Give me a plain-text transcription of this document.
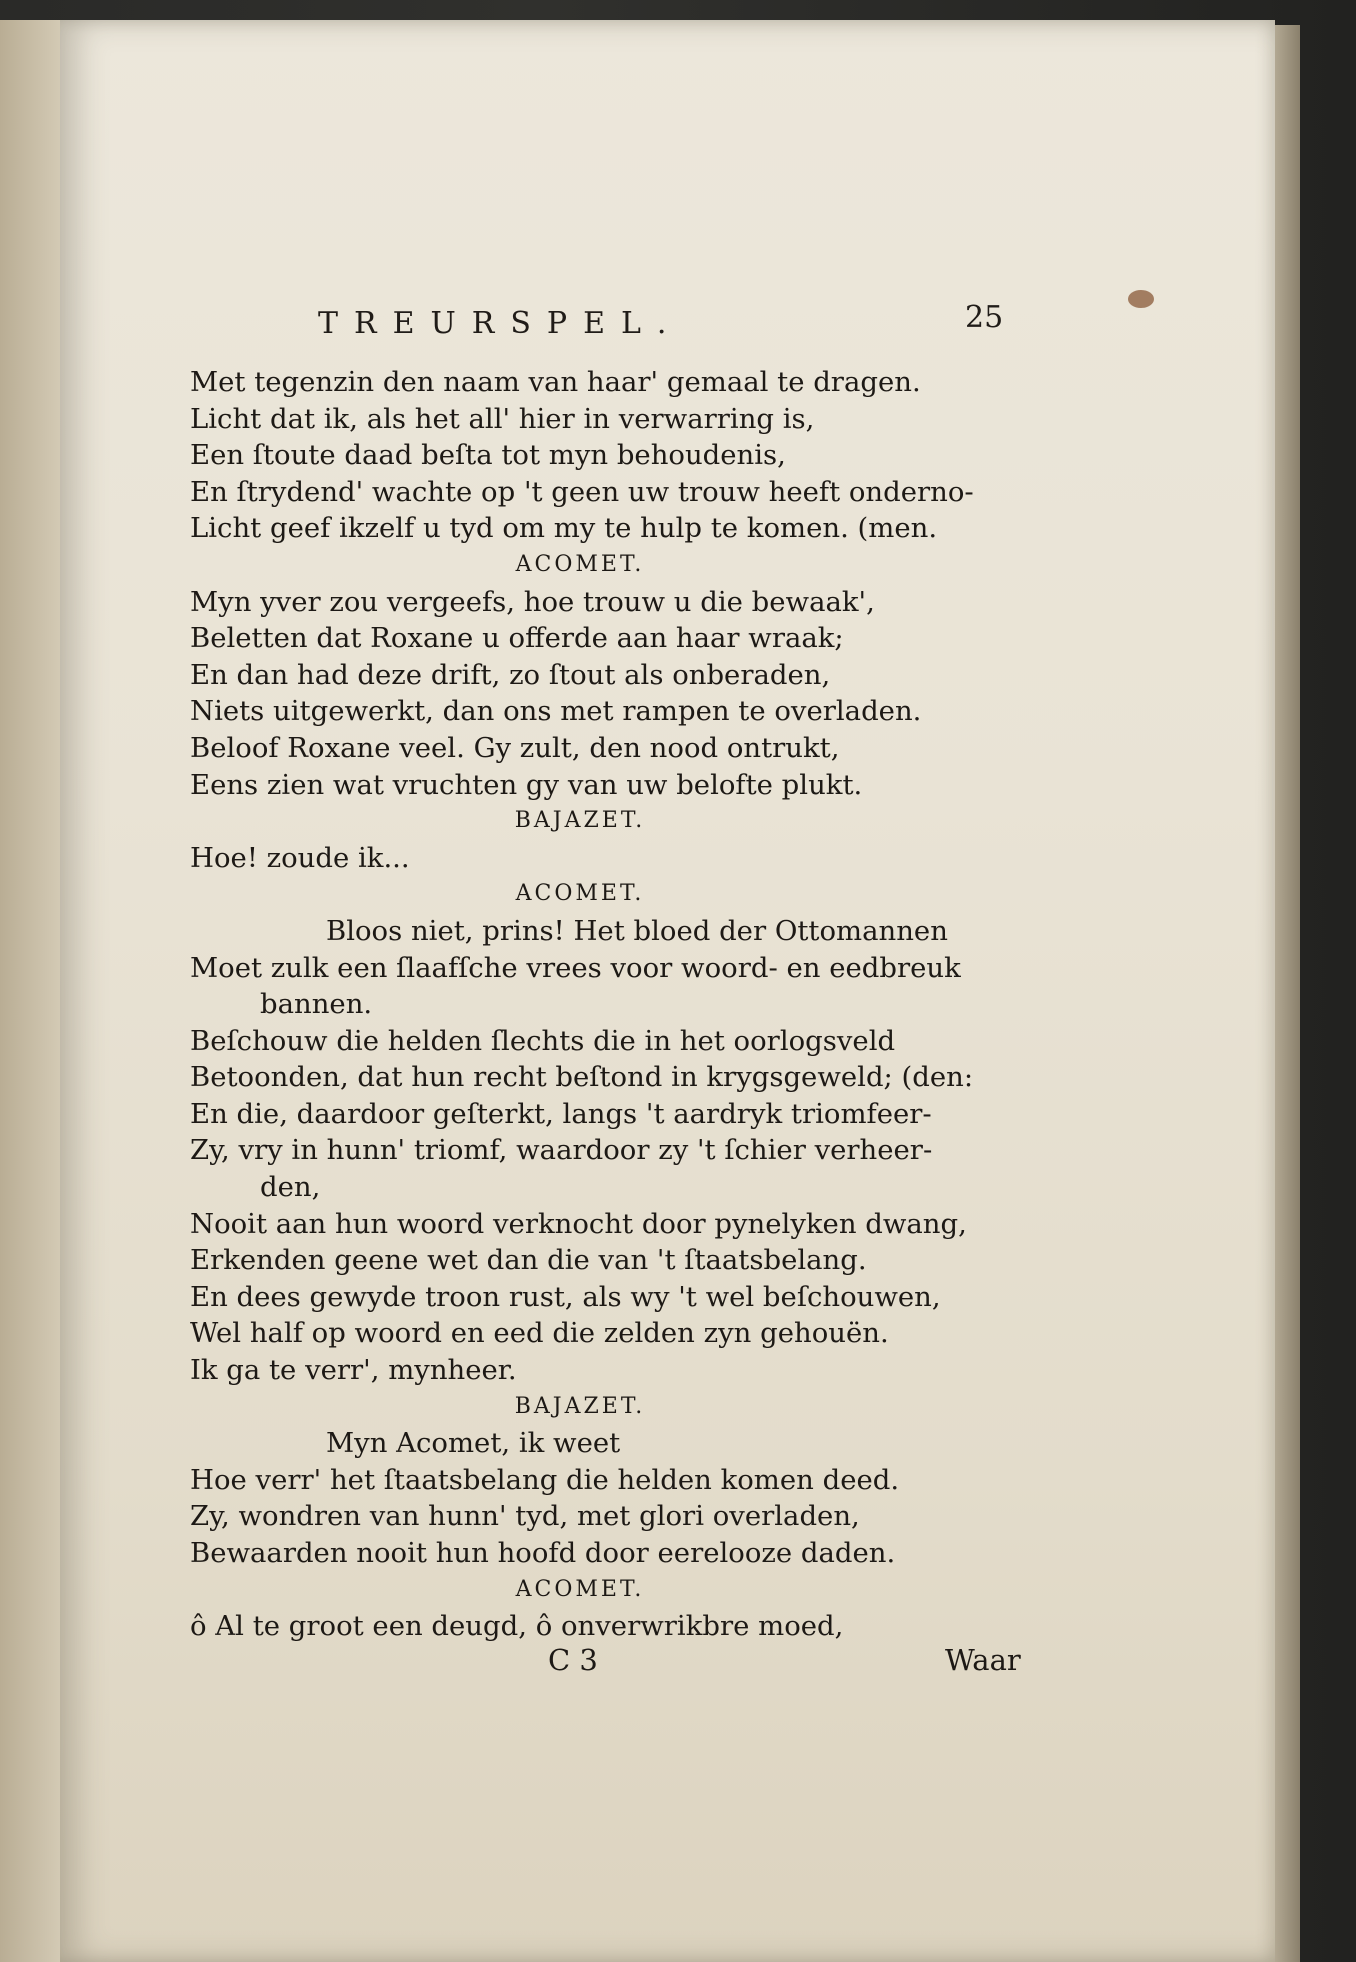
TREURSPEL.	25
Met tegenzin den naam van haar' gemaal te dragen.
Licht dat ik, als het all' hier in verwarring is,
Een ſtoute daad beſta tot myn behoudenis,
En ſtrydend' wachte op 't geen uw trouw heeft onderno-
Licht geef ikzelf u tyd om my te hulp te komen. (men.
ACOMET.
Myn yver zou vergeefs, hoe trouw u die bewaak',
Beletten dat Roxane u offerde aan haar wraak;
En dan had deze drift, zo ſtout als onberaden,
Niets uitgewerkt, dan ons met rampen te overladen.
Beloof Roxane veel. Gy zult, den nood ontrukt,
Eens zien wat vruchten gy van uw belofte plukt.
BAJAZET.
Hoe! zoude ik...
ACOMET.
Bloos niet, prins! Het bloed der Ottomannen
Moet zulk een ſlaafſche vrees voor woord- en eedbreuk
bannen.
Beſchouw die helden ſlechts die in het oorlogsveld
Betoonden, dat hun recht beſtond in krygsgeweld; (den:
En die, daardoor geſterkt, langs 't aardryk triomfeer-
Zy, vry in hunn' triomf, waardoor zy 't ſchier verheer-
den,
Nooit aan hun woord verknocht door pynelyken dwang,
Erkenden geene wet dan die van 't ſtaatsbelang.
En dees gewyde troon rust, als wy 't wel beſchouwen,
Wel half op woord en eed die zelden zyn gehouën.
Ik ga te verr', mynheer.
BAJAZET.
Myn Acomet, ik weet
Hoe verr' het ſtaatsbelang die helden komen deed.
Zy, wondren van hunn' tyd, met glori overladen,
Bewaarden nooit hun hoofd door eerelooze daden.
ACOMET.
ô Al te groot een deugd, ô onverwrikbre moed,
C 3	Waar
